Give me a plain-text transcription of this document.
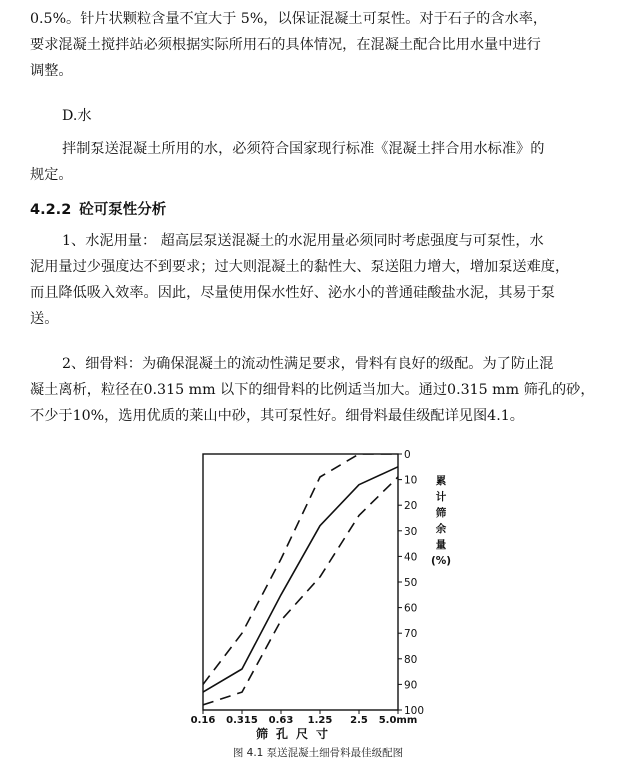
0.5%。针片状颗粒含量不宜大于 5%，以保证混凝土可泵性。对于石子的含水率，
要求混凝土搅拌站必须根据实际所用石的具体情况，在混凝土配合比用水量中进行
调整。
D.水
拌制泵送混凝土所用的水，必须符合国家现行标准《混凝土拌合用水标准》的
规定。
4.2.2 砼可泵性分析
1、水泥用量： 超高层泵送混凝土的水泥用量必须同时考虑强度与可泵性，水
泥用量过少强度达不到要求；过大则混凝土的黏性大、泵送阻力增大，增加泵送难度，
而且降低吸入效率。因此，尽量使用保水性好、泌水小的普通硅酸盐水泥，其易于泵
送。
2、细骨料：为确保混凝土的流动性满足要求，骨料有良好的级配。为了防止混
凝土离析，粒径在0.315 mm 以下的细骨料的比例适当加大。通过0.315 mm 筛孔的砂，
不少于10%，选用优质的莱山中砂，其可泵性好。细骨料最佳级配详见图4.1。
0
10
20
30
40
50
60
70
80
90
100
0.16 0.315 0.63 1.25 2.5 5.0mm
筛孔尺寸
累
计
筛
余
量
(%)
图 4.1 泵送混凝土细骨料最佳级配图
